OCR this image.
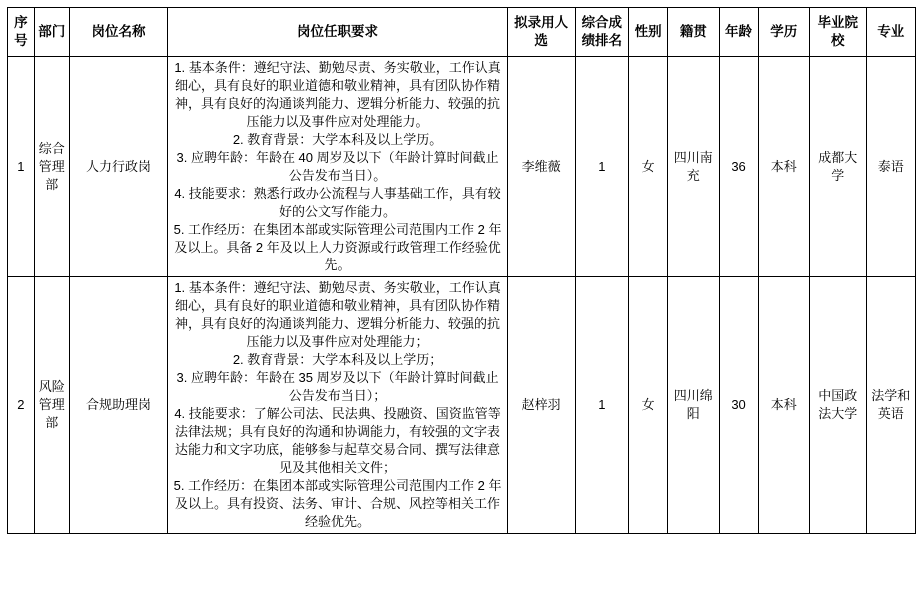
序号	部门	岗位名称	岗位任职要求	拟录用人选	综合成绩排名	性别	籍贯	年龄	学历	毕业院校	专业
1	综合管理部	人力行政岗	1. 基本条件：遵纪守法、勤勉尽责、务实敬业，工作认真细心，具有良好的职业道德和敬业精神，具有团队协作精神，具有良好的沟通谈判能力、逻辑分析能力、较强的抗压能力以及事件应对处理能力。

2. 教育背景：大学本科及以上学历。

3. 应聘年龄：年龄在 40 周岁及以下（年龄计算时间截止公告发布当日）。

4. 技能要求：熟悉行政办公流程与人事基础工作，具有较好的公文写作能力。

5. 工作经历：在集团本部或实际管理公司范围内工作 2 年及以上。具备 2 年及以上人力资源或行政管理工作经验优先。	李维薇	1	女	四川南充	36	本科	成都大学	泰语
2	风险管理部	合规助理岗	1. 基本条件：遵纪守法、勤勉尽责、务实敬业，工作认真细心，具有良好的职业道德和敬业精神，具有团队协作精神，具有良好的沟通谈判能力、逻辑分析能力、较强的抗压能力以及事件应对处理能力；

2. 教育背景：大学本科及以上学历；

3. 应聘年龄：年龄在 35 周岁及以下（年龄计算时间截止公告发布当日）；

4. 技能要求：了解公司法、民法典、投融资、国资监管等法律法规；具有良好的沟通和协调能力，有较强的文字表达能力和文字功底，能够参与起草交易合同、撰写法律意见及其他相关文件；

5. 工作经历：在集团本部或实际管理公司范围内工作 2 年及以上。具有投资、法务、审计、合规、风控等相关工作经验优先。	赵梓羽	1	女	四川绵阳	30	本科	中国政法大学	法学和英语
